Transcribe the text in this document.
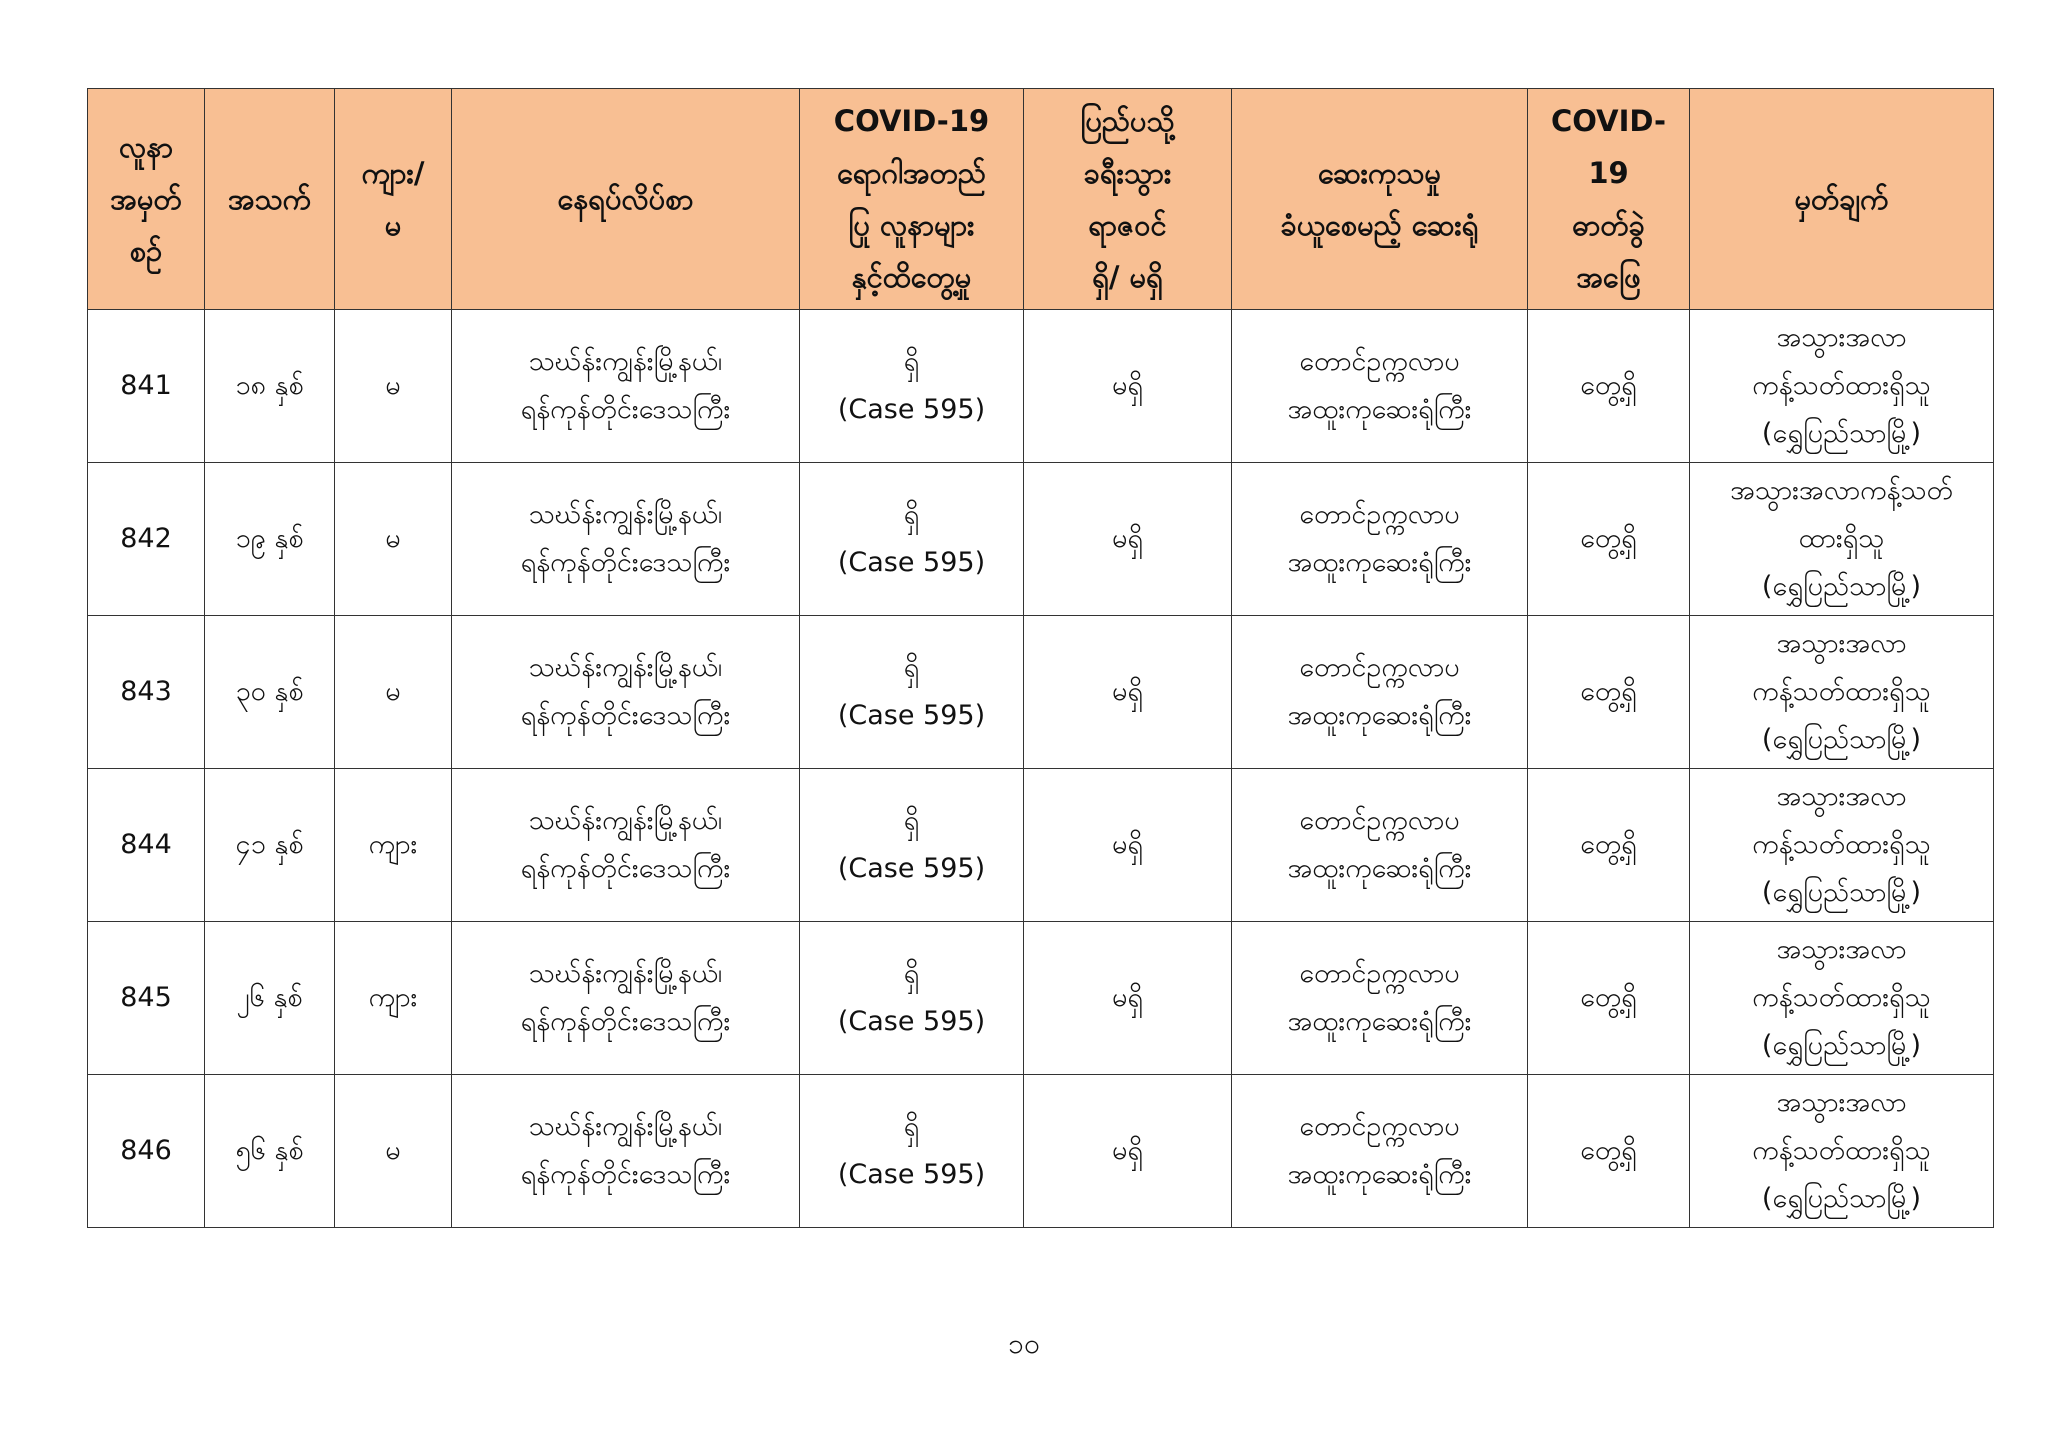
လူနာ
အမှတ်
စဉ်	အသက်	ကျား/
မ	နေရပ်လိပ်စာ	COVID-19
ရောဂါအတည်
ပြု လူနာများ
နှင့်ထိတွေ့မှု	ပြည်ပသို့
ခရီးသွား
ရာဇဝင်
ရှိ/ မရှိ	ဆေးကုသမှု
ခံယူစေမည့် ဆေးရုံ	COVID-19
ဓာတ်ခွဲ
အဖြေ	မှတ်ချက်

841	၁၈ နှစ်	မ	သဃ်န်းကျွန်းမြို့နယ်၊
ရန်ကုန်တိုင်းဒေသကြီး	ရှိ
(Case 595)	မရှိ	တောင်ဥက္ကလာပ
အထူးကုဆေးရုံကြီး	တွေ့ရှိ	အသွားအလာ
ကန့်သတ်ထားရှိသူ
(ရွှေပြည်သာမြို့)

842	၁၉ နှစ်	မ	သဃ်န်းကျွန်းမြို့နယ်၊
ရန်ကုန်တိုင်းဒေသကြီး	ရှိ
(Case 595)	မရှိ	တောင်ဥက္ကလာပ
အထူးကုဆေးရုံကြီး	တွေ့ရှိ	အသွားအလာကန့်သတ်
ထားရှိသူ
(ရွှေပြည်သာမြို့)

843	၃၀ နှစ်	မ	သဃ်န်းကျွန်းမြို့နယ်၊
ရန်ကုန်တိုင်းဒေသကြီး	ရှိ
(Case 595)	မရှိ	တောင်ဥက္ကလာပ
အထူးကုဆေးရုံကြီး	တွေ့ရှိ	အသွားအလာ
ကန့်သတ်ထားရှိသူ
(ရွှေပြည်သာမြို့)

844	၄၁ နှစ်	ကျား	သဃ်န်းကျွန်းမြို့နယ်၊
ရန်ကုန်တိုင်းဒေသကြီး	ရှိ
(Case 595)	မရှိ	တောင်ဥက္ကလာပ
အထူးကုဆေးရုံကြီး	တွေ့ရှိ	အသွားအလာ
ကန့်သတ်ထားရှိသူ
(ရွှေပြည်သာမြို့)

845	၂၆ နှစ်	ကျား	သဃ်န်းကျွန်းမြို့နယ်၊
ရန်ကုန်တိုင်းဒေသကြီး	ရှိ
(Case 595)	မရှိ	တောင်ဥက္ကလာပ
အထူးကုဆေးရုံကြီး	တွေ့ရှိ	အသွားအလာ
ကန့်သတ်ထားရှိသူ
(ရွှေပြည်သာမြို့)

846	၅၆ နှစ်	မ	သဃ်န်းကျွန်းမြို့နယ်၊
ရန်ကုန်တိုင်းဒေသကြီး	ရှိ
(Case 595)	မရှိ	တောင်ဥက္ကလာပ
အထူးကုဆေးရုံကြီး	တွေ့ရှိ	အသွားအလာ
ကန့်သတ်ထားရှိသူ
(ရွှေပြည်သာမြို့)
၁၀
